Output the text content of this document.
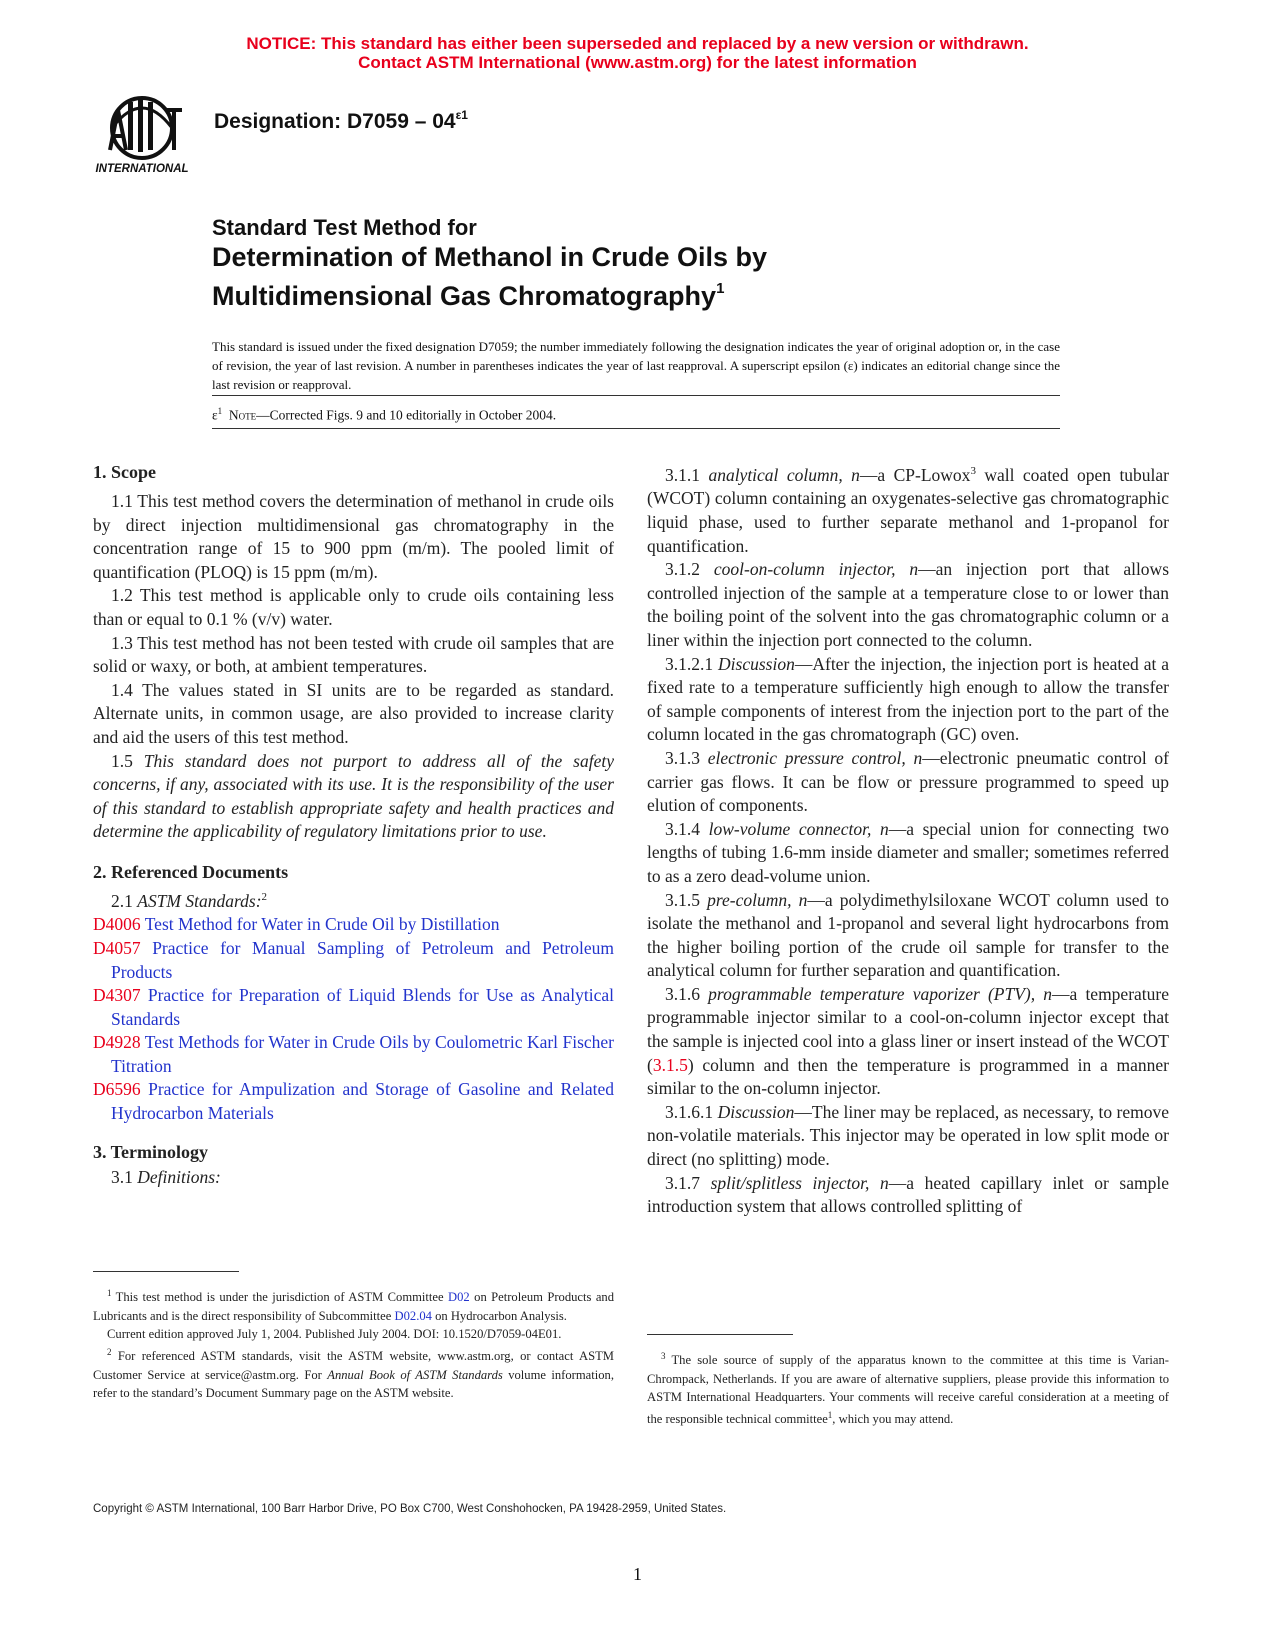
NOTICE: This standard has either been superseded and replaced by a new version or withdrawn.
Contact ASTM International (www.astm.org) for the latest information
INTERNATIONAL
Designation: $D7059 - 04^{\varepsilon 1}$
Standard Test Method for
Determination of Methanol in Crude Oils by
Multidimensional Gas Chromatography$^1$
This standard is issued under the fixed designation D7059; the number immediately following the designation indicates the year of original adoption or, in the case of revision, the year of last revision. A number in parentheses indicates the year of last reapproval. A superscript epsilon (ε) indicates an editorial change since the last revision or reapproval.
$\varepsilon^1$ Note—Corrected Figs. 9 and 10 editorially in October 2004.
1. Scope

1.1 This test method covers the determination of methanol in crude oils by direct injection multidimensional gas chromatography in the concentration range of 15 to 900 ppm (m/m). The pooled limit of quantification (PLOQ) is 15 ppm (m/m).

1.2 This test method is applicable only to crude oils containing less than or equal to 0.1 % (v/v) water.

1.3 This test method has not been tested with crude oil samples that are solid or waxy, or both, at ambient temperatures.

1.4 The values stated in SI units are to be regarded as standard. Alternate units, in common usage, are also provided to increase clarity and aid the users of this test method.

1.5 This standard does not purport to address all of the safety concerns, if any, associated with its use. It is the responsibility of the user of this standard to establish appropriate safety and health practices and determine the applicability of regulatory limitations prior to use.

2. Referenced Documents

2.1 ASTM Standards:$^2$

D4006 Test Method for Water in Crude Oil by Distillation

D4057 Practice for Manual Sampling of Petroleum and Petroleum Products

D4307 Practice for Preparation of Liquid Blends for Use as Analytical Standards

D4928 Test Methods for Water in Crude Oils by Coulometric Karl Fischer Titration

D6596 Practice for Ampulization and Storage of Gasoline and Related Hydrocarbon Materials

3. Terminology

3.1 Definitions:

3.1.1 analytical column, n—a CP-Lowox$^3$ wall coated open tubular (WCOT) column containing an oxygenates-selective gas chromatographic liquid phase, used to further separate methanol and 1-propanol for quantification.

3.1.2 cool-on-column injector, n—an injection port that allows controlled injection of the sample at a temperature close to or lower than the boiling point of the solvent into the gas chromatographic column or a liner within the injection port connected to the column.

3.1.2.1 Discussion—After the injection, the injection port is heated at a fixed rate to a temperature sufficiently high enough to allow the transfer of sample components of interest from the injection port to the part of the column located in the gas chromatograph (GC) oven.

3.1.3 electronic pressure control, n—electronic pneumatic control of carrier gas flows. It can be flow or pressure programmed to speed up elution of components.

3.1.4 low-volume connector, n—a special union for connecting two lengths of tubing 1.6-mm inside diameter and smaller; sometimes referred to as a zero dead-volume union.

3.1.5 pre-column, n—a polydimethylsiloxane WCOT column used to isolate the methanol and 1-propanol and several light hydrocarbons from the higher boiling portion of the crude oil sample for transfer to the analytical column for further separation and quantification.

3.1.6 programmable temperature vaporizer (PTV), n—a temperature programmable injector similar to a cool-on-column injector except that the sample is injected cool into a glass liner or insert instead of the WCOT (3.1.5) column and then the temperature is programmed in a manner similar to the on-column injector.

3.1.6.1 Discussion—The liner may be replaced, as necessary, to remove non-volatile materials. This injector may be operated in low split mode or direct (no splitting) mode.

3.1.7 split/splitless injector, n—a heated capillary inlet or sample introduction system that allows controlled splitting of

$^1$ This test method is under the jurisdiction of ASTM Committee D02 on Petroleum Products and Lubricants and is the direct responsibility of Subcommittee D02.04 on Hydrocarbon Analysis.

Current edition approved July 1, 2004. Published July 2004. DOI: 10.1520/D7059-04E01.

$^2$ For referenced ASTM standards, visit the ASTM website, www.astm.org, or contact ASTM Customer Service at service@astm.org. For Annual Book of ASTM Standards volume information, refer to the standard’s Document Summary page on the ASTM website.

$^3$ The sole source of supply of the apparatus known to the committee at this time is Varian-Chrompack, Netherlands. If you are aware of alternative suppliers, please provide this information to ASTM International Headquarters. Your comments will receive careful consideration at a meeting of the responsible technical committee$^1$, which you may attend.

Copyright © ASTM International, 100 Barr Harbor Drive, PO Box C700, West Conshohocken, PA 19428-2959, United States.
1
